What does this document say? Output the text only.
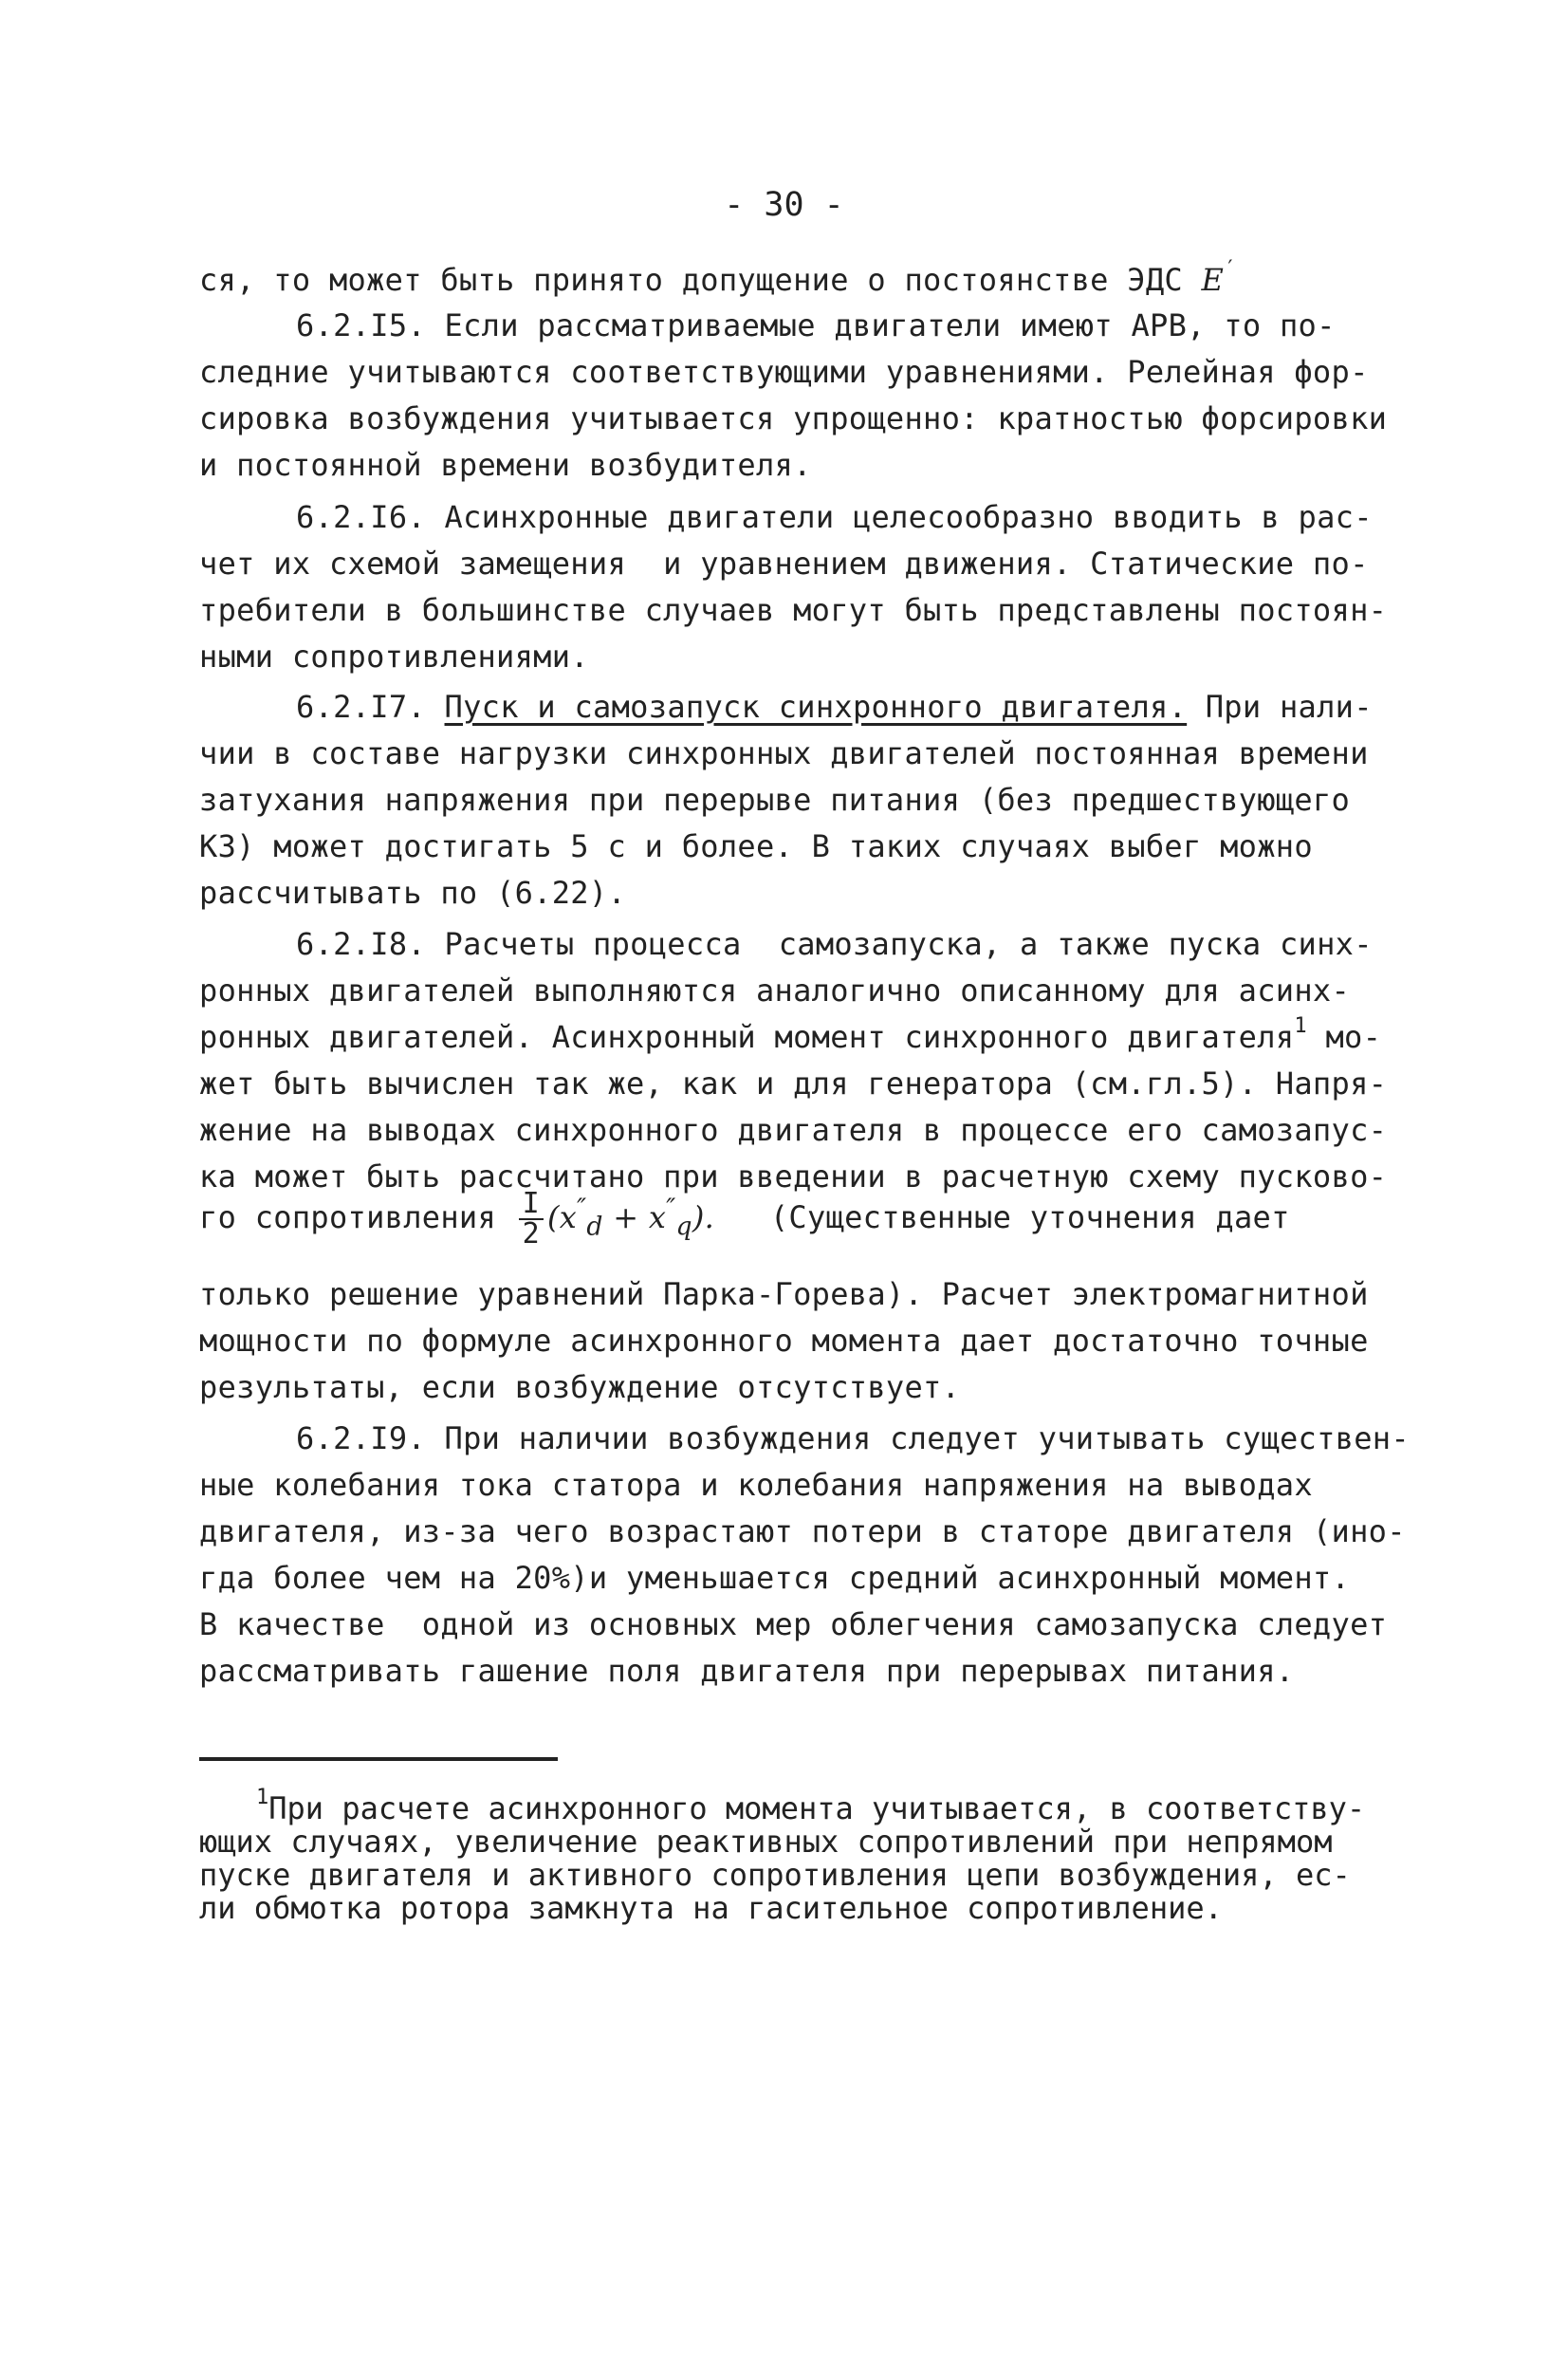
- 30 -
ся, то может быть принято допущение о постоянстве ЭДС E′
6.2.I5. Если рассматриваемые двигатели имеют АРВ, то по-
следние учитываются соответствующими уравнениями. Релейная фор-
сировка возбуждения учитывается упрощенно: кратностью форсировки
и постоянной времени возбудителя.
6.2.I6. Асинхронные двигатели целесообразно вводить в рас-
чет их схемой замещения  и уравнением движения. Статические по-
требители в большинстве случаев могут быть представлены постоян-
ными сопротивлениями.
6.2.I7. Пуск и самозапуск синхронного двигателя. При нали-
чии в составе нагрузки синхронных двигателей постоянная времени
затухания напряжения при перерыве питания (без предшествующего
КЗ) может достигать 5 с и более. В таких случаях выбег можно
рассчитывать по (6.22).
6.2.I8. Расчеты процесса  самозапуска, а также пуска синх-
ронных двигателей выполняются аналогично описанному для асинх-
ронных двигателей. Асинхронный момент синхронного двигателя$^1$ мо-
жет быть вычислен так же, как и для генератора (см.гл.5). Напря-
жение на выводах синхронного двигателя в процессе его самозапус-
ка может быть рассчитано при введении в расчетную схему пусково-
го сопротивления $\frac{I}{2} (x''_d + x''_q)$. (Существенные уточнения дает
только решение уравнений Парка-Горева). Расчет электромагнитной
мощности по формуле асинхронного момента дает достаточно точные
результаты, если возбуждение отсутствует.
6.2.I9. При наличии возбуждения следует учитывать существен-
ные колебания тока статора и колебания напряжения на выводах
двигателя, из-за чего возрастают потери в статоре двигателя (ино-
гда более чем на 20%)и уменьшается средний асинхронный момент.
В качестве  одной из основных мер облегчения самозапуска следует
рассматривать гашение поля двигателя при перерывах питания.
$^1$При расчете асинхронного момента учитывается, в соответству-
ющих случаях, увеличение реактивных сопротивлений при непрямом
пуске двигателя и активного сопротивления цепи возбуждения, ес-
ли обмотка ротора замкнута на гасительное сопротивление.
